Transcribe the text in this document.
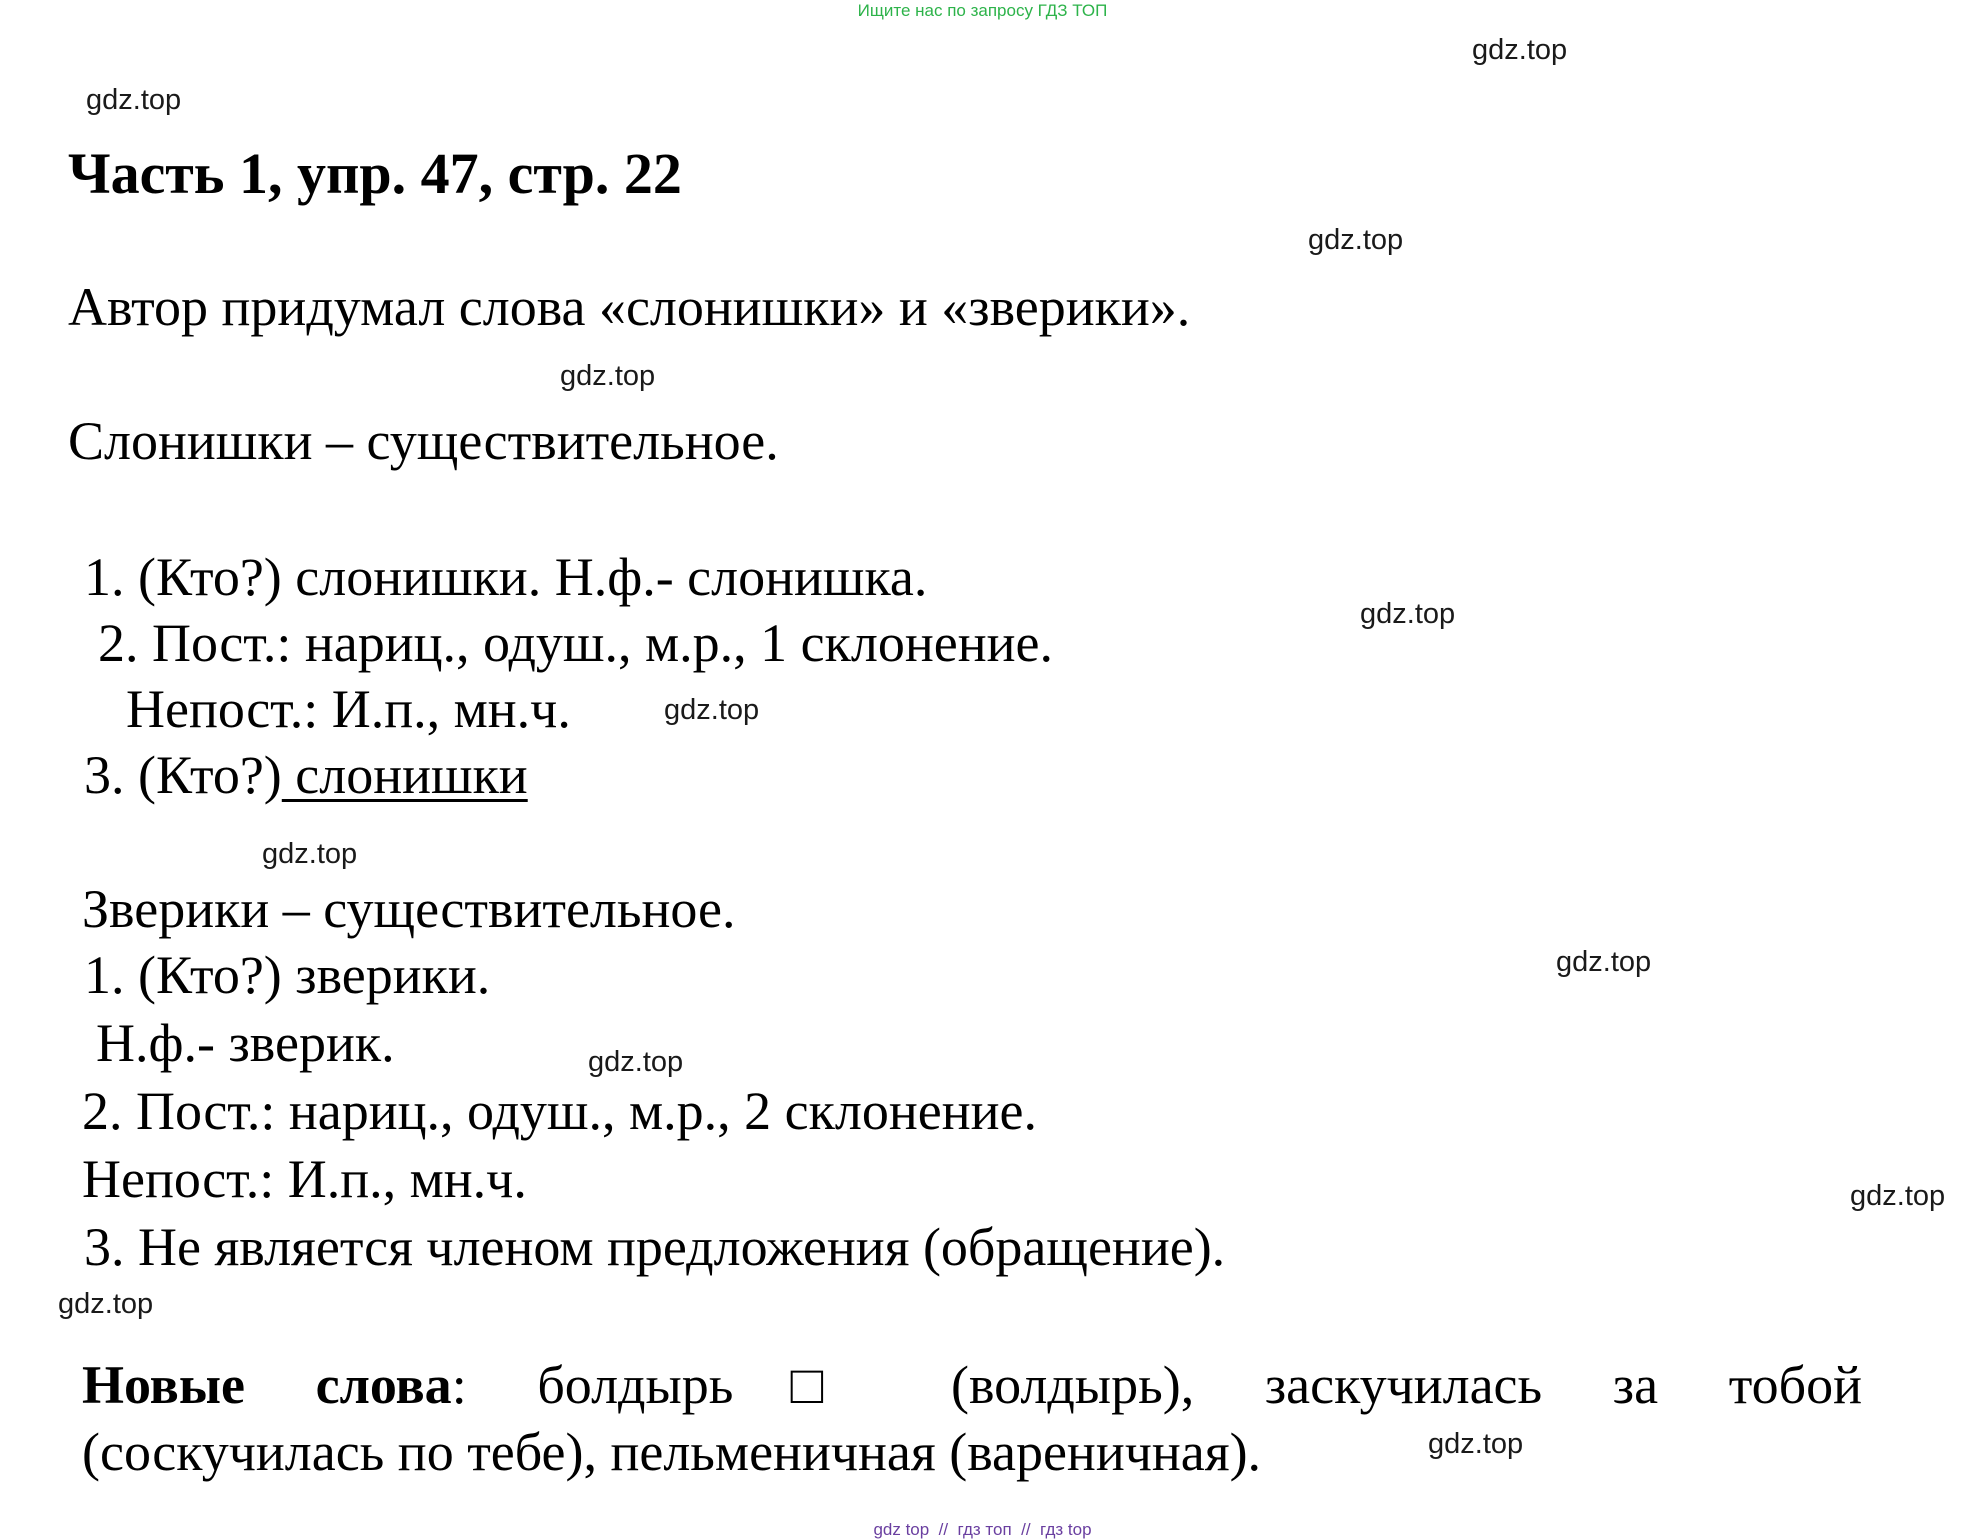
Ищите нас по запросу ГДЗ ТОП
gdz.top
gdz.top
gdz.top
gdz.top
gdz.top
gdz.top
gdz.top
gdz.top
gdz.top
gdz.top
gdz.top
gdz.top
Часть 1, упр. 47, стр. 22
Автор придумал слова «слонишки» и «зверики».
Слонишки – существительное.
1. (Кто?) слонишки. Н.ф.- слонишка.
2. Пост.: нариц., одуш., м.р., 1 склонение.
Непост.: И.п., мн.ч.
3. (Кто?) слонишки
Зверики – существительное.
1. (Кто?) зверики.
Н.ф.- зверик.
2. Пост.: нариц., одуш., м.р., 2 склонение.
Непост.: И.п., мн.ч.
3. Не является членом предложения (обращение).
Новые слова: болдырь□ (волдырь), заскучилась за тобой
(соскучилась по тебе), пельменичная (вареничная).
gdz top  //  гдз топ  //  гдз top
